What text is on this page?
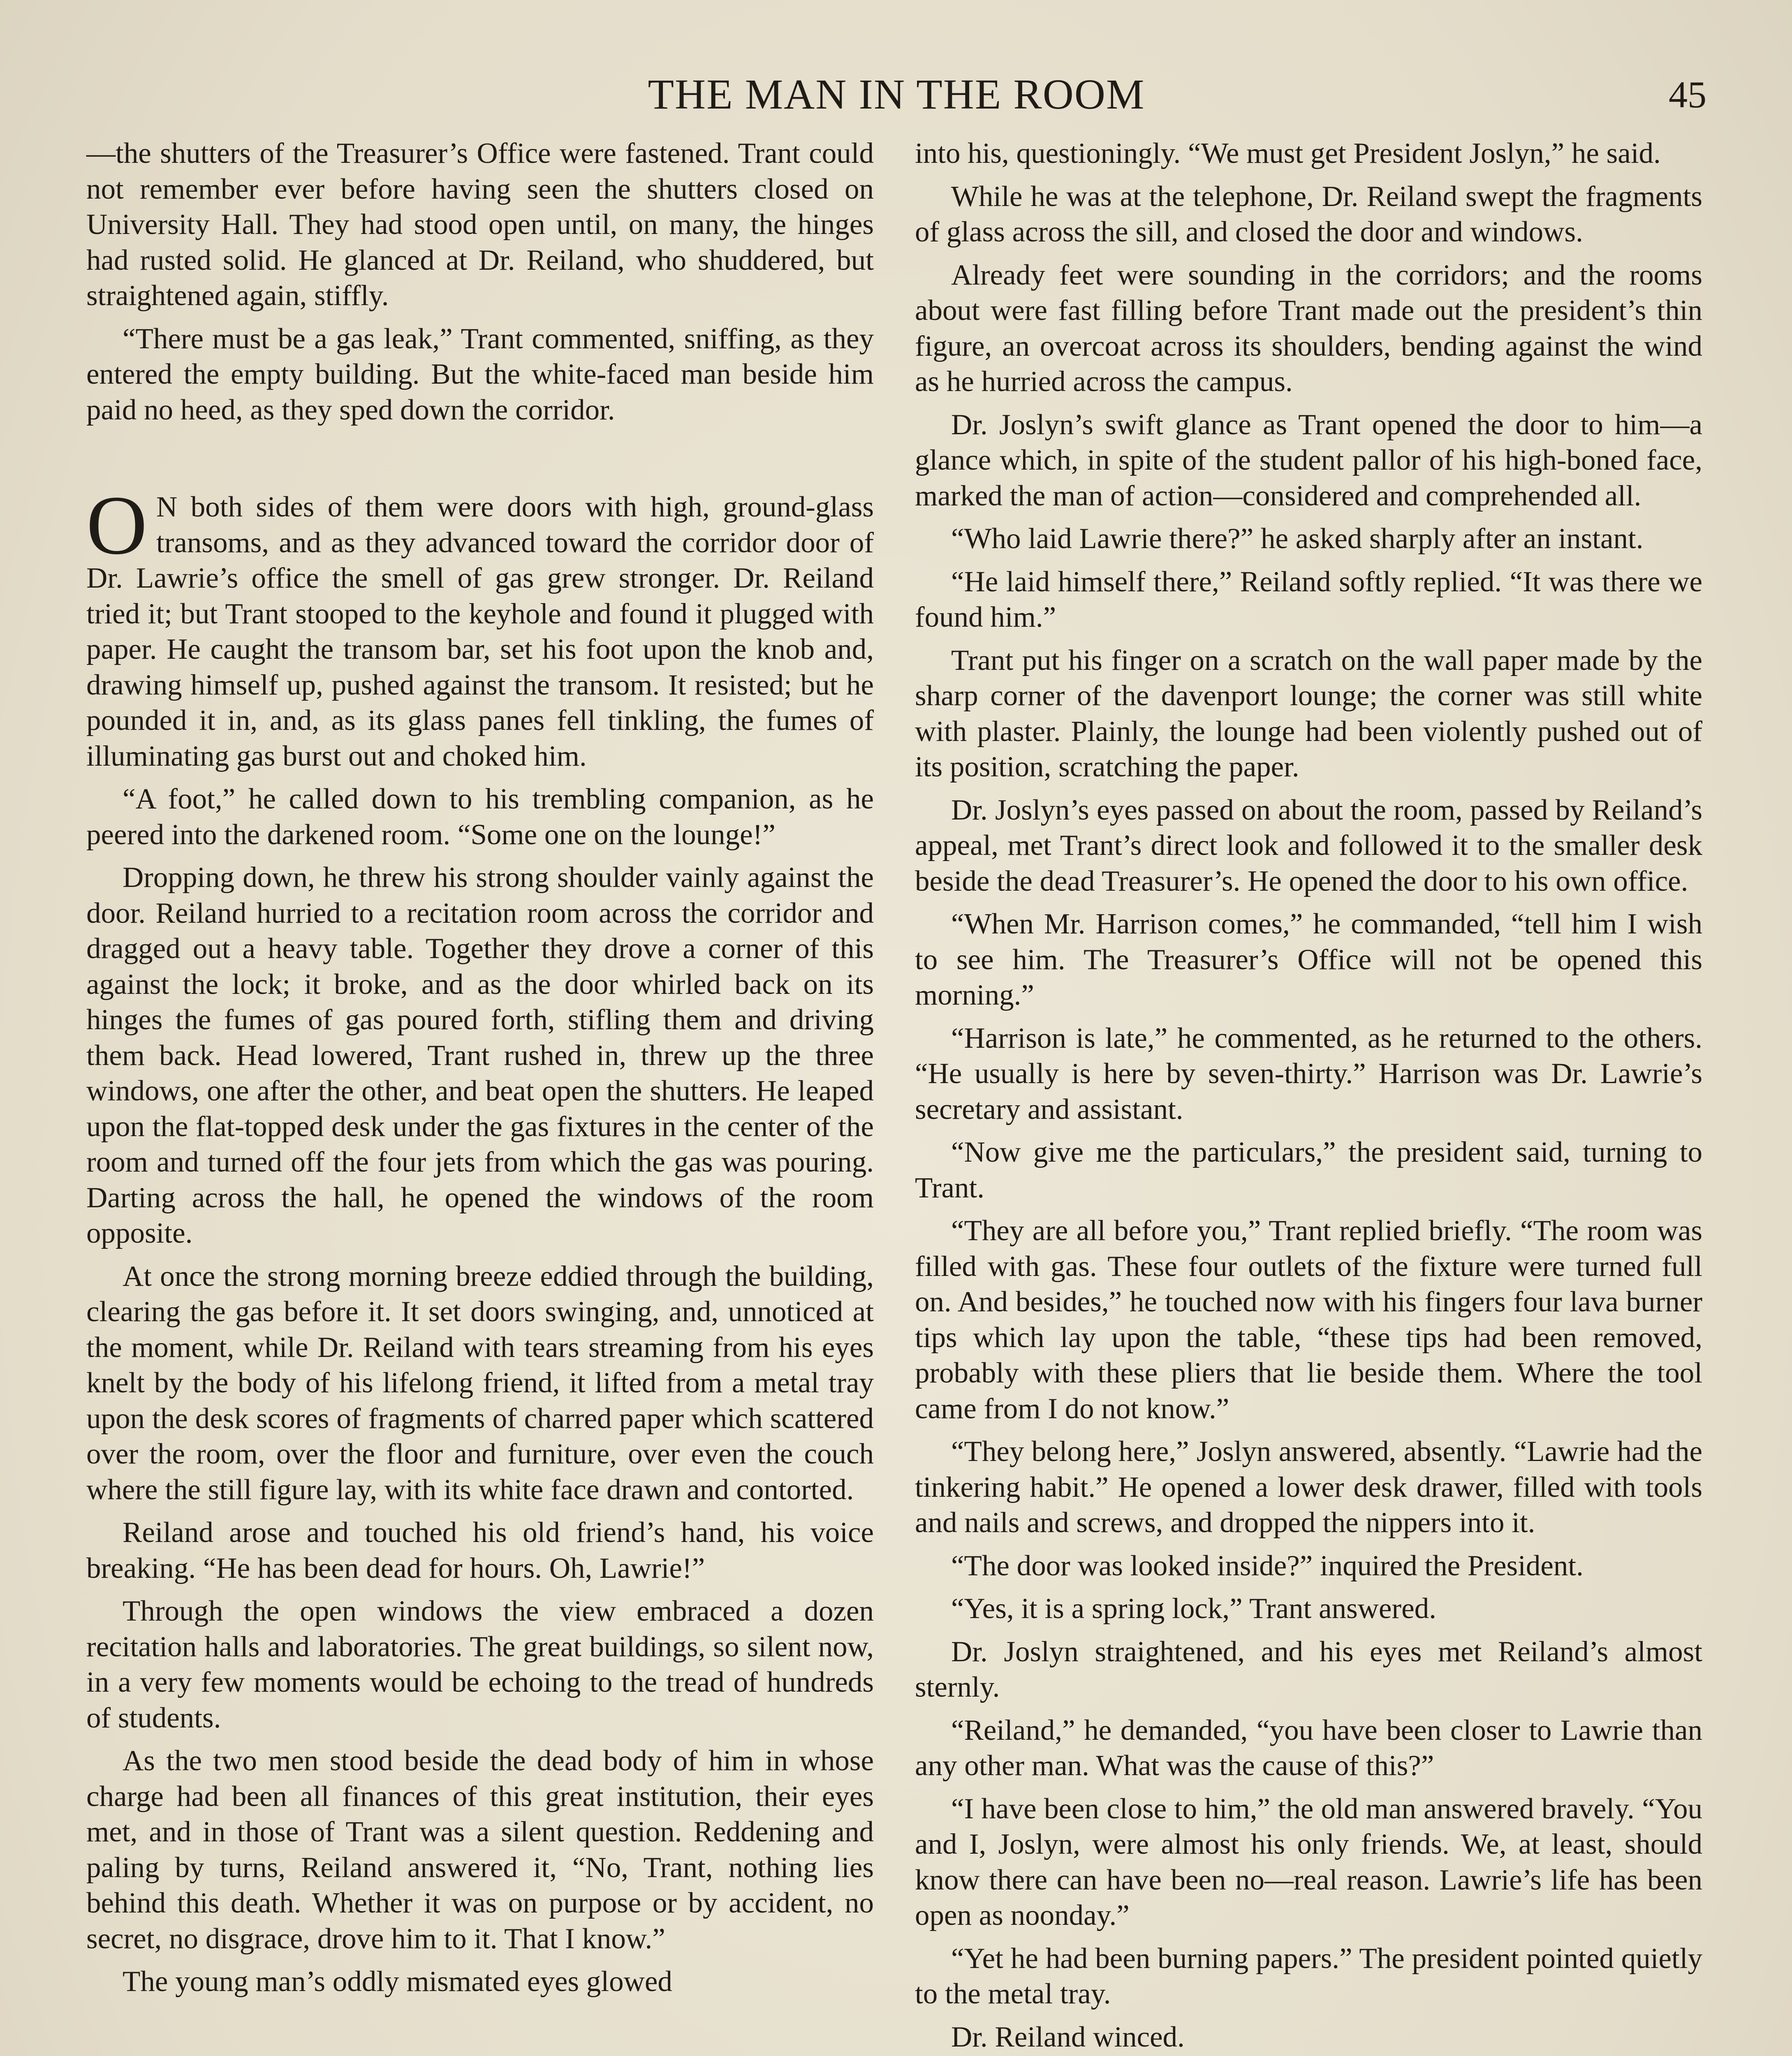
THE MAN IN THE ROOM	45

—the shutters of the Treasurer’s Office were fastened. Trant could not remember ever before having seen the shutters closed on University Hall. They had stood open until, on many, the hinges had rusted solid. He glanced at Dr. Reiland, who shuddered, but straightened again, stiffly.

“There must be a gas leak,” Trant commented, sniffing, as they entered the empty building. But the white-faced man beside him paid no heed, as they sped down the corridor.

O N both sides of them were doors with high, ground-glass transoms, and as they advanced toward the corridor door of Dr. Lawrie’s office the smell of gas grew stronger. Dr. Reiland tried it; but Trant stooped to the keyhole and found it plugged with paper. He caught the transom bar, set his foot upon the knob and, drawing himself up, pushed against the transom. It resisted; but he pounded it in, and, as its glass panes fell tinkling, the fumes of illuminating gas burst out and choked him.

“A foot,” he called down to his trembling companion, as he peered into the darkened room. “Some one on the lounge!”

Dropping down, he threw his strong shoulder vainly against the door. Reiland hurried to a recitation room across the corridor and dragged out a heavy table. Together they drove a corner of this against the lock; it broke, and as the door whirled back on its hinges the fumes of gas poured forth, stifling them and driving them back. Head lowered, Trant rushed in, threw up the three windows, one after the other, and beat open the shutters. He leaped upon the flat-topped desk under the gas fixtures in the center of the room and turned off the four jets from which the gas was pouring. Darting across the hall, he opened the windows of the room opposite.

At once the strong morning breeze eddied through the building, clearing the gas before it. It set doors swinging, and, unnoticed at the moment, while Dr. Reiland with tears streaming from his eyes knelt by the body of his lifelong friend, it lifted from a metal tray upon the desk scores of fragments of charred paper which scattered over the room, over the floor and furniture, over even the couch where the still figure lay, with its white face drawn and contorted.

Reiland arose and touched his old friend’s hand, his voice breaking. “He has been dead for hours. Oh, Lawrie!”

Through the open windows the view embraced a dozen recitation halls and laboratories. The great buildings, so silent now, in a very few moments would be echoing to the tread of hundreds of students.

As the two men stood beside the dead body of him in whose charge had been all finances of this great institution, their eyes met, and in those of Trant was a silent question. Reddening and paling by turns, Reiland answered it, “No, Trant, nothing lies behind this death. Whether it was on purpose or by accident, no secret, no disgrace, drove him to it. That I know.”

The young man’s oddly mismated eyes glowed

into his, questioningly. “We must get President Joslyn,” he said.

While he was at the telephone, Dr. Reiland swept the fragments of glass across the sill, and closed the door and windows.

Already feet were sounding in the corridors; and the rooms about were fast filling before Trant made out the president’s thin figure, an overcoat across its shoulders, bending against the wind as he hurried across the campus.

Dr. Joslyn’s swift glance as Trant opened the door to him—a glance which, in spite of the student pallor of his high-boned face, marked the man of action—considered and comprehended all.

“Who laid Lawrie there?” he asked sharply after an instant.

“He laid himself there,” Reiland softly replied. “It was there we found him.”

Trant put his finger on a scratch on the wall paper made by the sharp corner of the davenport lounge; the corner was still white with plaster. Plainly, the lounge had been violently pushed out of its position, scratching the paper.

Dr. Joslyn’s eyes passed on about the room, passed by Reiland’s appeal, met Trant’s direct look and followed it to the smaller desk beside the dead Treasurer’s. He opened the door to his own office.

“When Mr. Harrison comes,” he commanded, “tell him I wish to see him. The Treasurer’s Office will not be opened this morning.”

“Harrison is late,” he commented, as he returned to the others. “He usually is here by seven-thirty.” Harrison was Dr. Lawrie’s secretary and assistant.

“Now give me the particulars,” the president said, turning to Trant.

“They are all before you,” Trant replied briefly. “The room was filled with gas. These four outlets of the fixture were turned full on. And besides,” he touched now with his fingers four lava burner tips which lay upon the table, “these tips had been removed, probably with these pliers that lie beside them. Where the tool came from I do not know.”

“They belong here,” Joslyn answered, absently. “Lawrie had the tinkering habit.” He opened a lower desk drawer, filled with tools and nails and screws, and dropped the nippers into it.

“The door was looked inside?” inquired the President.

“Yes, it is a spring lock,” Trant answered.

Dr. Joslyn straightened, and his eyes met Reiland’s almost sternly.

“Reiland,” he demanded, “you have been closer to Lawrie than any other man. What was the cause of this?”

“I have been close to him,” the old man answered bravely. “You and I, Joslyn, were almost his only friends. We, at least, should know there can have been no—real reason. Lawrie’s life has been open as noonday.”

“Yet he had been burning papers.” The president pointed quietly to the metal tray.

Dr. Reiland winced.
